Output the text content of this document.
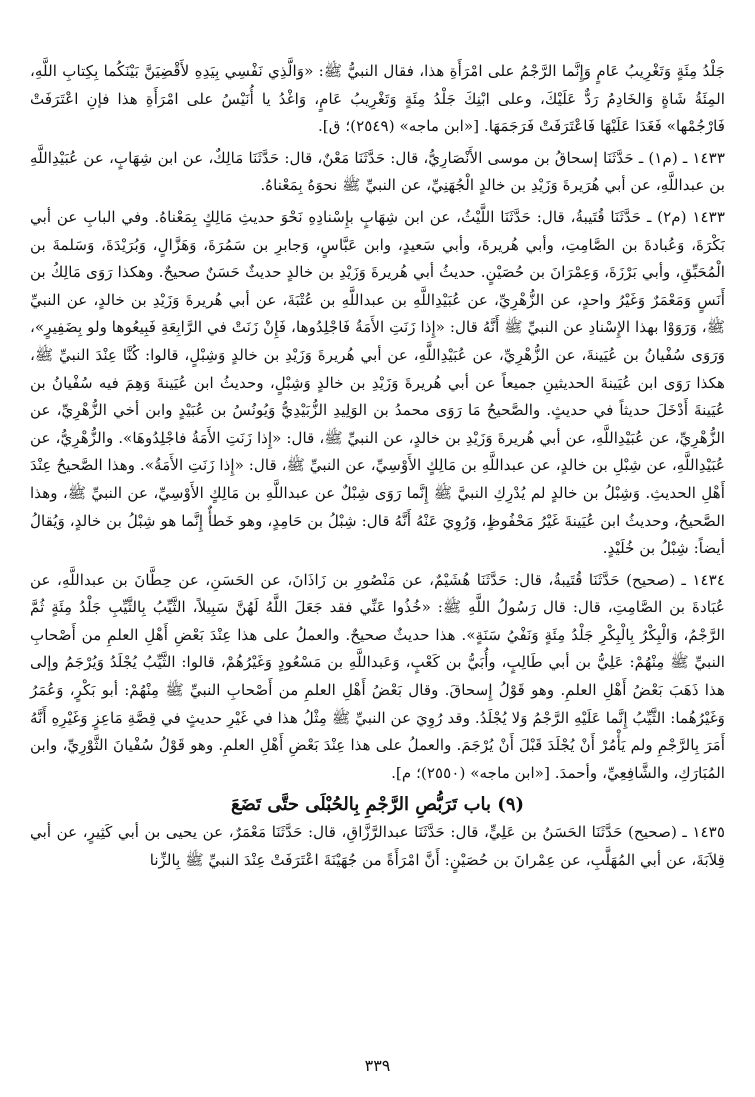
جَلْدُ مِئَةٍ وَتَغْرِيبُ عَامٍ وَإِنَّما الرَّجْمُ على امْرَأَةِ هذا، فقال النبيُّ ﷺ: «وَالَّذِي نَفْسِي بِيَدِهِ لأَقْضِيَنَّ بَيْنَكُما بِكِتابِ اللَّهِ، المِئَةُ شَاةٍ وَالخَادِمُ رَدٌّ عَلَيْكَ، وعلى ابْنِكَ جَلْدُ مِئَةٍ وَتَغْرِيبُ عَامٍ، وَاغْدُ يا أُنَيْسُ على امْرَأَةِ هذا فإنِ اعْتَرَفَتْ فَارْجُمْها» فَغَدَا عَلَيْهَا فَاعْتَرَفَتْ فَرَجَمَهَا. [«ابن ماجه» (٢٥٤٩)؛ ق].

١٤٣٣ ـ (م١) ـ حَدَّثَنَا إسحاقُ بن موسى الأَنْصَارِيُّ، قال: حَدَّثَنَا مَعْنٌ، قال: حَدَّثَنَا مَالِكٌ، عن ابن شِهَابٍ، عن عُبَيْدِاللَّهِ بن عبداللَّهِ، عن أبي هُرَيرةَ وَزَيْدِ بن خالدٍ الْجُهَنِيِّ، عن النبيِّ ﷺ نحوَهُ بِمَعْناهُ.

١٤٣٣ (م٢) ـ حَدَّثَنَا قُتَيبةُ، قال: حَدَّثَنَا اللَّيْثُ، عن ابن شِهَابٍ بإِسْنادِهِ نَحْوَ حديثِ مَالِكٍ بِمَعْناهُ. وفي البابِ عن أبي بَكْرَةَ، وَعُبادةَ بن الصَّامِتِ، وأبي هُريرةَ، وأبي سَعيدٍ، وابن عَبَّاسٍ، وَجابرِ بن سَمُرَةَ، وَهَزَّالٍ، وَبُرَيْدَةَ، وَسَلمةَ بن الْمُحَبِّقِ، وأبي بَرْزَةَ، وَعِمْرَانَ بن حُصَيْنٍ. حديثُ أبي هُريرةَ وَزَيْدِ بن خالدٍ حديثٌ حَسَنٌ صحيحٌ. وهكذا رَوَى مَالِكُ بن أَنَسٍ وَمَعْمَرٌ وَغَيْرُ واحدٍ، عن الزُّهْرِيِّ، عن عُبَيْدِاللَّهِ بن عبداللَّهِ بن عُتْبَةَ، عن أبي هُريرةَ وَزَيْدِ بن خالدٍ، عن النبيِّ ﷺ، وَرَوَوْا بهذا الإِسْنادِ عن النبيِّ ﷺ أَنَّهُ قال: «إِذا زَنَتِ الأَمَةُ فَاجْلِدُوها، فَإِنْ زَنَتْ في الرَّابِعَةِ فَبِيعُوها ولو بِضَفِيرٍ»، وَرَوَى سُفْيانُ بن عُيَينةَ، عن الزُّهْرِيِّ، عن عُبَيْدِاللَّهِ، عن أبي هُريرةَ وَزَيْدِ بن خالدٍ وَشِبْلٍ، قالوا: كُنَّا عِنْدَ النبيِّ ﷺ، هكذا رَوَى ابن عُيَينةَ الحديثينِ جميعاً عن أبي هُريرةَ وَزَيْدِ بن خالدٍ وَشِبْلٍ، وحديثُ ابن عُيَينةَ وَهِمَ فيه سُفْيانُ بن عُيَينةَ أَدْخَلَ حديثاً في حديثٍ. والصَّحيحُ مَا رَوَى محمدُ بن الوَلِيدِ الزُّبَيْدِيُّ وَيُونُسُ بن عُبَيْدٍ وابن أخي الزُّهْرِيِّ، عن الزُّهْرِيِّ، عن عُبَيْدِاللَّهِ، عن أبي هُريرةَ وَزَيْدِ بن خالدٍ، عن النبيِّ ﷺ، قال: «إِذا زَنَتِ الأَمَةُ فاجْلِدُوهَا». والزُّهْرِيُّ، عن عُبَيْدِاللَّهِ، عن شِبْلِ بن خالدٍ، عن عبداللَّهِ بن مَالِكٍ الأَوْسِيِّ، عن النبيِّ ﷺ، قال: «إِذا زَنَتِ الأَمَةُ». وهذا الصَّحيحُ عِنْدَ أَهْلِ الحديثِ. وَشِبْلُ بن خالدٍ لم يُدْرِكِ النبيَّ ﷺ إِنَّما رَوَى شِبْلٌ عن عبداللَّهِ بن مَالِكٍ الأَوْسِيِّ، عن النبيِّ ﷺ، وهذا الصَّحيحُ، وحديثُ ابن عُيَينةَ غَيْرُ مَحْفُوظٍ، وَرُوِيَ عَنْهُ أَنَّهُ قال: شِبْلُ بن حَامِدٍ، وهو خَطأٌ إِنَّما هو شِبْلُ بن خالدٍ، وَيُقالُ أيضاً: شِبْلُ بن خُلَيْدٍ.

١٤٣٤ ـ (صحيح) حَدَّثَنَا قُتَيبةُ، قال: حَدَّثَنَا هُشَيْمٌ، عن مَنْصُورِ بن زَاذَانَ، عن الحَسَنِ، عن حِطَّانَ بن عبداللَّهِ، عن عُبَادةَ بن الصَّامِتِ، قال: قال رَسُولُ اللَّهِ ﷺ: «خُذُوا عَنِّي فقد جَعَلَ اللَّهُ لَهُنَّ سَبِيلاً، الثَّيِّبُ بِالثَّيِّبِ جَلْدُ مِئَةٍ ثُمَّ الرَّجْمُ، وَالْبِكْرُ بِالْبِكْرِ جَلْدُ مِئَةٍ وَنَفْيُ سَنَةٍ». هذا حديثٌ صحيحٌ. والعملُ على هذا عِنْدَ بَعْضِ أَهْلِ العلمِ من أَصْحابِ النبيِّ ﷺ مِنْهُمْ: عَلِيُّ بن أبي طَالِبٍ، وأُبَيُّ بن كَعْبٍ، وَعَبداللَّهِ بن مَسْعُودٍ وَغَيْرُهُمْ، قالوا: الثَّيِّبُ يُجْلَدُ وَيُرْجَمُ وإلى هذا ذَهَبَ بَعْضُ أَهْلِ العلمِ. وهو قَوْلُ إِسحاقَ. وقال بَعْضُ أَهْلِ العلمِ من أَصْحابِ النبيِّ ﷺ مِنْهُمْ: أبو بَكْرٍ، وَعُمَرُ وَغَيْرُهُما: الثَّيِّبُ إِنَّما عَلَيْهِ الرَّجْمُ وَلا يُجْلَدُ. وقد رُوِيَ عن النبيِّ ﷺ مِثْلُ هذا في غَيْرِ حديثٍ في قِصَّةِ مَاعِزٍ وَغَيْرِهِ أَنَّهُ أَمَرَ بِالرَّجْمِ ولم يَأْمُرْ أَنْ يُجْلَدَ قَبْلَ أَنْ يُرْجَمَ. والعملُ على هذا عِنْدَ بَعْضِ أَهْلِ العلمِ. وهو قَوْلُ سُفْيانَ الثَّوْرِيِّ، وابن المُبَارَكِ، والشَّافِعِيِّ، وأحمدَ. [«ابن ماجه» (٢٥٥٠)؛ م].

(٩) باب تَرَبُّصِ الرَّجْمِ بِالحُبْلَى حتَّى تَضَعَ

١٤٣٥ ـ (صحيح) حَدَّثَنَا الحَسَنُ بن عَلِيٍّ، قال: حَدَّثَنَا عبدالرَّزَّاقِ، قال: حَدَّثَنَا مَعْمَرٌ، عن يحيى بن أبي كَثِيرٍ، عن أبي قِلاَبَةَ، عن أبي المُهَلَّبِ، عن عِمْرانَ بن حُصَيْنٍ: أَنَّ امْرَأَةً من جُهَيْنَةَ اعْتَرَفَتْ عِنْدَ النبيِّ ﷺ بِالزِّنا

٣٣٩
